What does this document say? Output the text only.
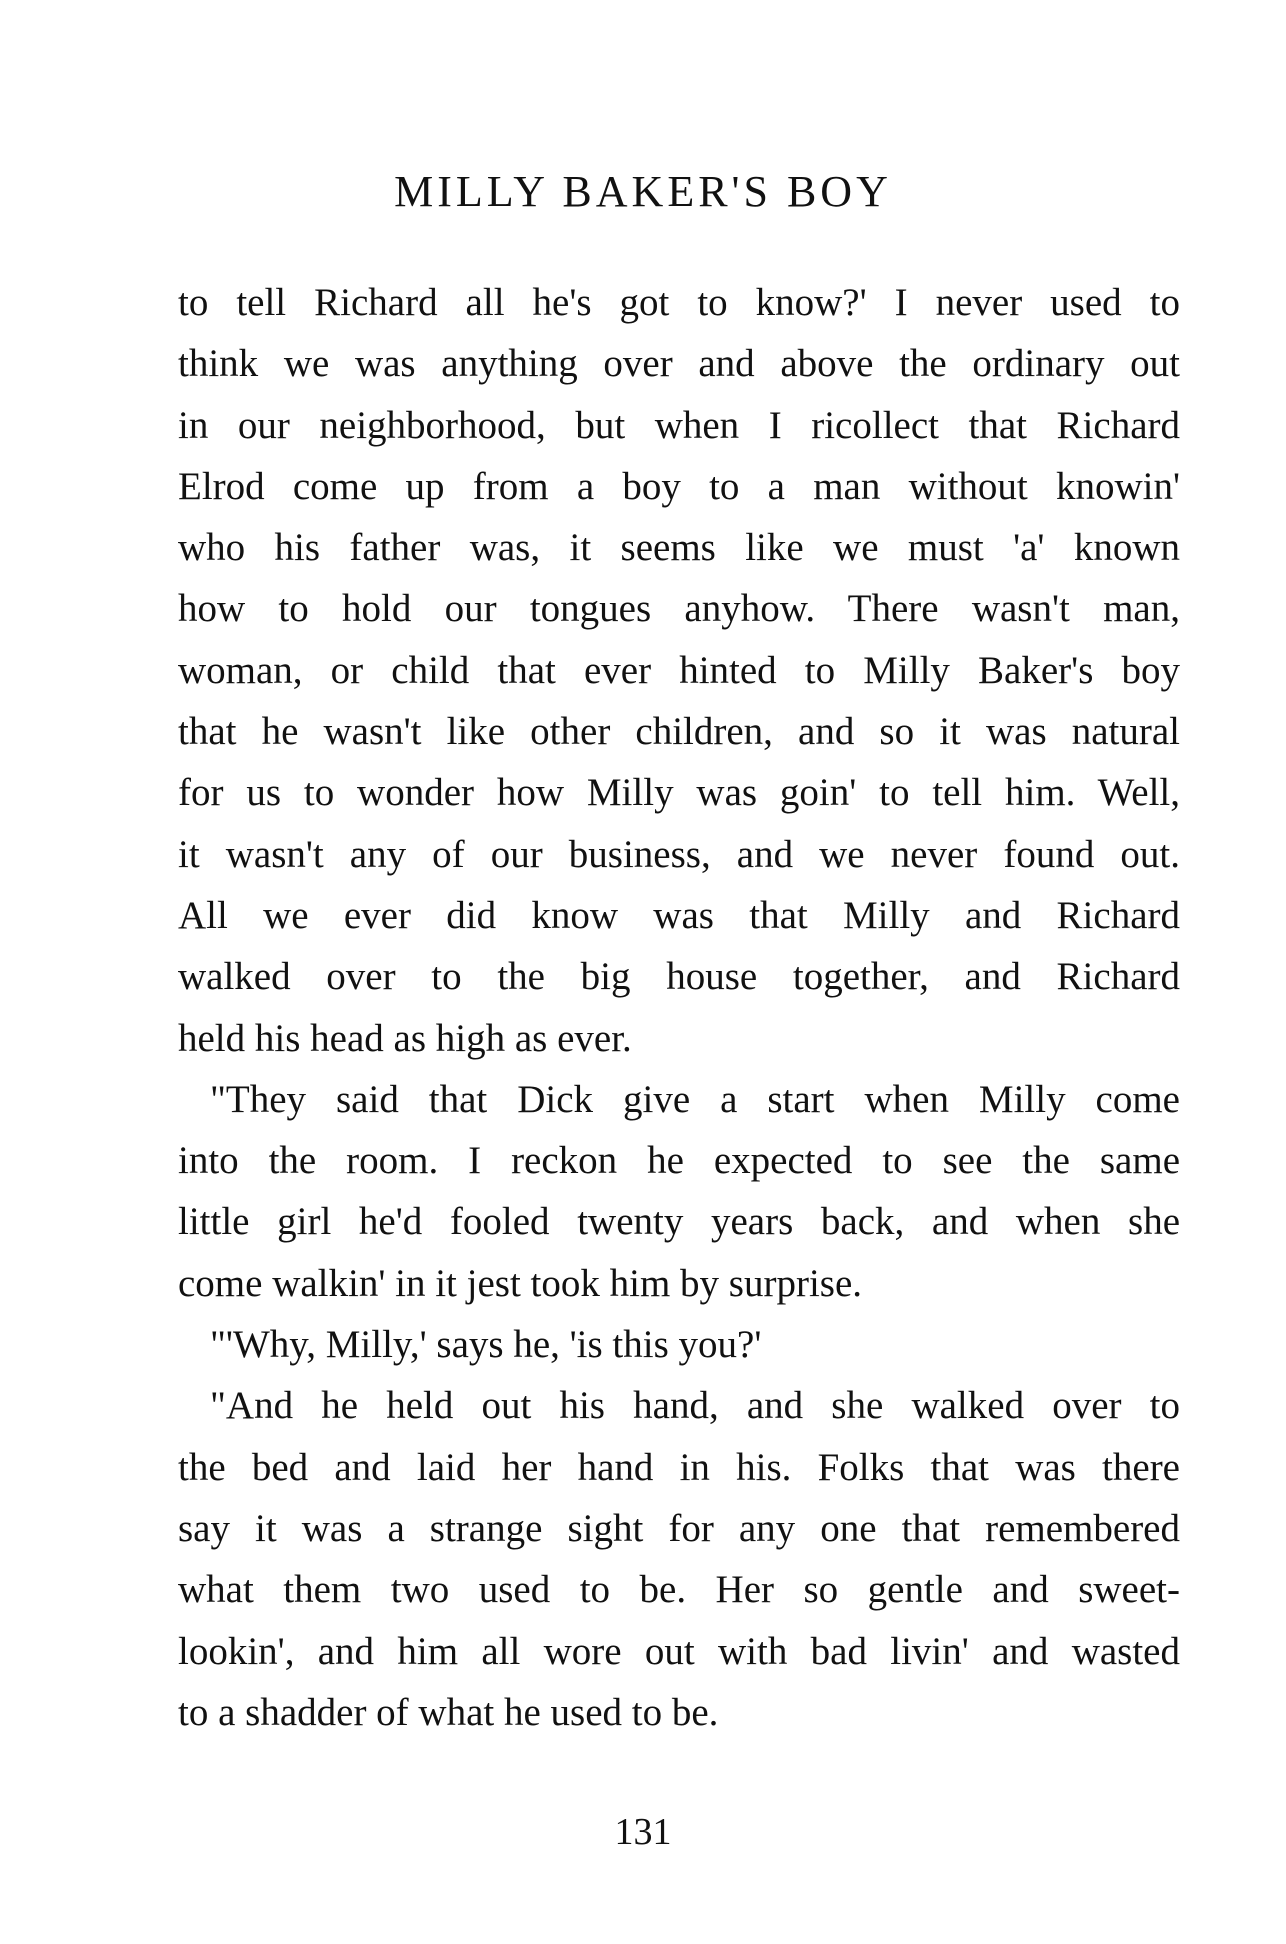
MILLY BAKER'S BOY
to tell Richard all he's got to know?' I never used to
think we was anything over and above the ordinary out
in our neighborhood, but when I ricollect that Richard
Elrod come up from a boy to a man without knowin'
who his father was, it seems like we must 'a' known
how to hold our tongues anyhow. There wasn't man,
woman, or child that ever hinted to Milly Baker's boy
that he wasn't like other children, and so it was natural
for us to wonder how Milly was goin' to tell him. Well,
it wasn't any of our business, and we never found out.
All we ever did know was that Milly and Richard
walked over to the big house together, and Richard
held his head as high as ever.
"They said that Dick give a start when Milly come
into the room. I reckon he expected to see the same
little girl he'd fooled twenty years back, and when she
come walkin' in it jest took him by surprise.
"'Why, Milly,' says he, 'is this you?'
"And he held out his hand, and she walked over to
the bed and laid her hand in his. Folks that was there
say it was a strange sight for any one that remembered
what them two used to be. Her so gentle and sweet-
lookin', and him all wore out with bad livin' and wasted
to a shadder of what he used to be.
131
